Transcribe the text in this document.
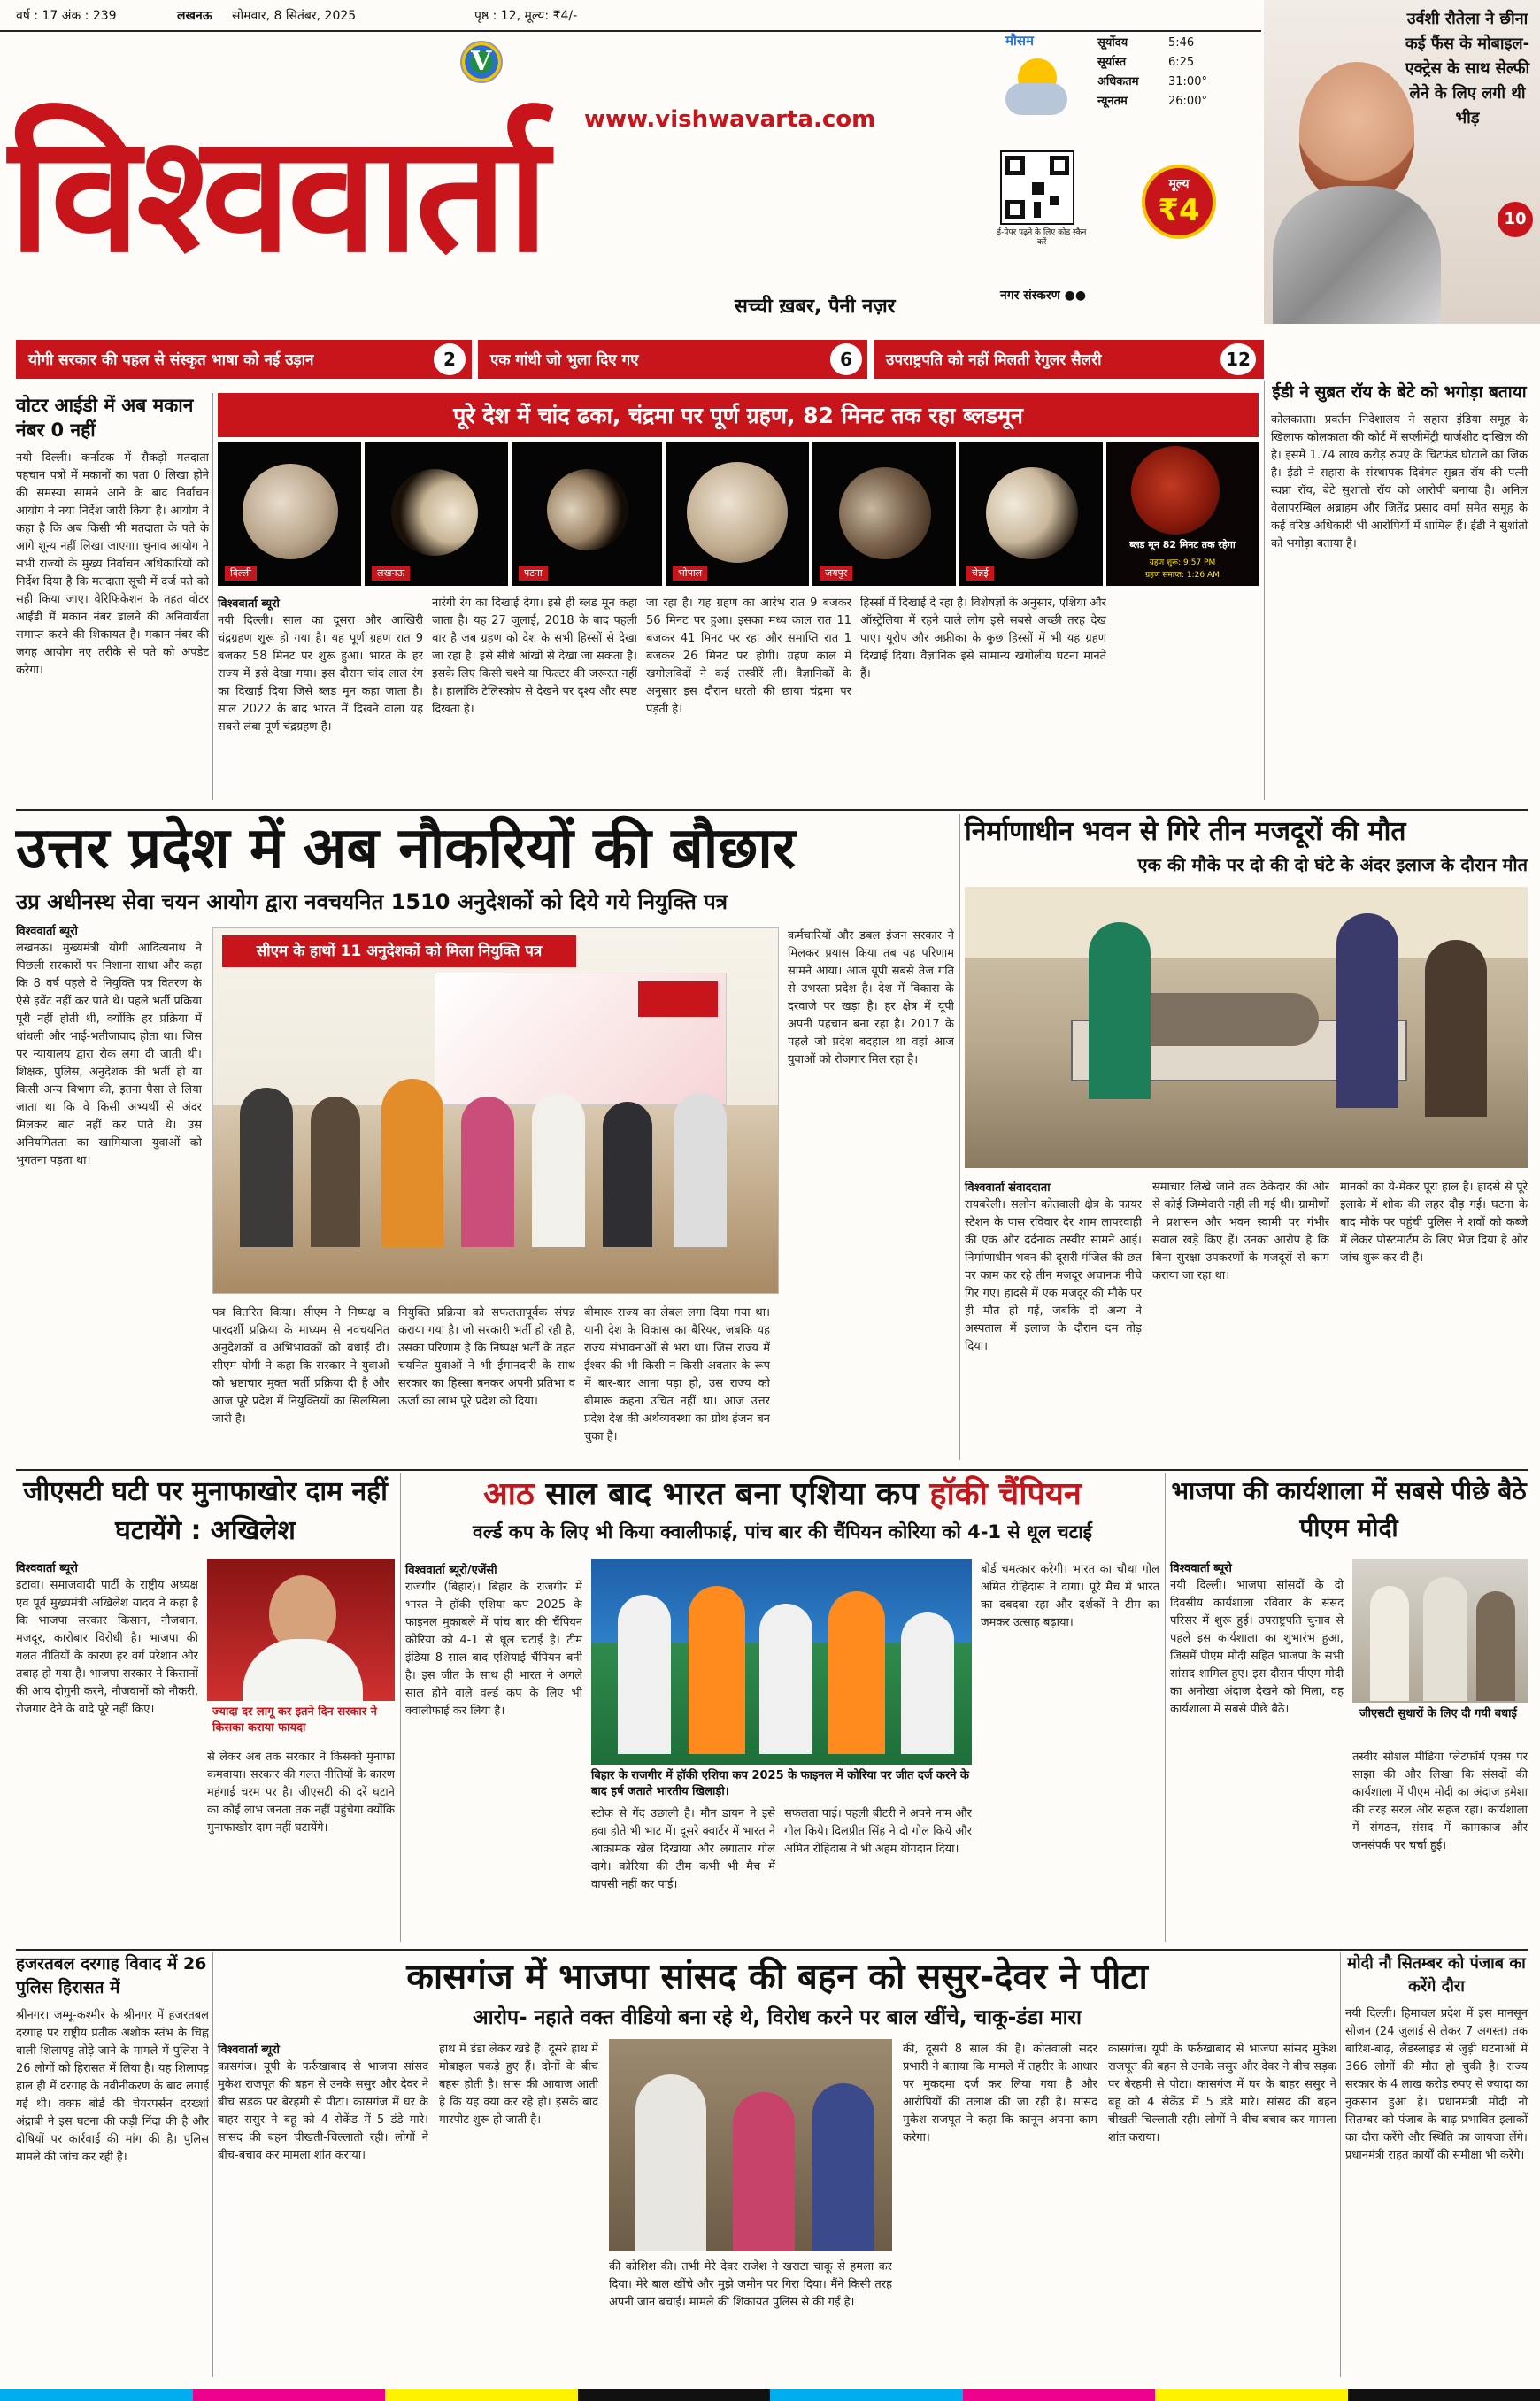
वर्ष : 17 अंक : 239	लखनऊ सोमवार, 8 सितंबर, 2025	पृष्ठ : 12, मूल्य: ₹4/-
V
www.vishwavarta.com
विश्ववार्ता
सच्ची ख़बर, पैनी नज़र	नगर संस्करण ●●
मौसम	सूर्योदय	5:46
सूर्यास्त	6:25
अधिकतम	31:00°
न्यूनतम	26:00°
ई-पेपर पढ़ने के लिए कोड स्कैन करें
मूल्य
₹4
उर्वशी रौतेला ने छीना कई फैंस के मोबाइल-एक्ट्रेस के साथ सेल्फी लेने के लिए लगी थी भीड़
10
योगी सरकार की पहल से संस्कृत भाषा को नई उड़ान	2	एक गांधी जो भुला दिए गए	6	उपराष्ट्रपति को नहीं मिलती रेगुलर सैलरी	12
वोटर आईडी में अब मकान नंबर 0 नहीं
नयी दिल्ली। कर्नाटक में सैकड़ों मतदाता पहचान पत्रों में मकानों का पता 0 लिखा होने की समस्या सामने आने के बाद निर्वाचन आयोग ने नया निर्देश जारी किया है। आयोग ने कहा है कि अब किसी भी मतदाता के पते के आगे शून्य नहीं लिखा जाएगा। चुनाव आयोग ने सभी राज्यों के मुख्य निर्वाचन अधिकारियों को निर्देश दिया है कि मतदाता सूची में दर्ज पते को सही किया जाए। वेरिफिकेशन के तहत वोटर आईडी में मकान नंबर डालने की अनिवार्यता समाप्त करने की शिकायत है। मकान नंबर की जगह आयोग नए तरीके से पते को अपडेट करेगा।
पूरे देश में चांद ढका, चंद्रमा पर पूर्ण ग्रहण, 82 मिनट तक रहा ब्लडमून
दिल्ली	लखनऊ	पटना	भोपाल	जयपुर	चेन्नई
ब्लड मून 82 मिनट तक रहेगा
ग्रहण शुरू: 9:57 PM
ग्रहण समाप्त: 1:26 AM
विश्ववार्ता ब्यूरो
नयी दिल्ली। साल का दूसरा और आखिरी चंद्रग्रहण शुरू हो गया है। यह पूर्ण ग्रहण रात 9 बजकर 58 मिनट पर शुरू हुआ। भारत के हर राज्य में इसे देखा गया। इस दौरान चांद लाल रंग का दिखाई दिया जिसे ब्लड मून कहा जाता है। साल 2022 के बाद भारत में दिखने वाला यह सबसे लंबा पूर्ण चंद्रग्रहण है।
नारंगी रंग का दिखाई देगा। इसे ही ब्लड मून कहा जाता है। यह 27 जुलाई, 2018 के बाद पहली बार है जब ग्रहण को देश के सभी हिस्सों से देखा जा रहा है। इसे सीधे आंखों से देखा जा सकता है। इसके लिए किसी चश्मे या फिल्टर की जरूरत नहीं है। हालांकि टेलिस्कोप से देखने पर दृश्य और स्पष्ट दिखता है।
जा रहा है। यह ग्रहण का आरंभ रात 9 बजकर 56 मिनट पर हुआ। इसका मध्य काल रात 11 बजकर 41 मिनट पर रहा और समाप्ति रात 1 बजकर 26 मिनट पर होगी। ग्रहण काल में खगोलविदों ने कई तस्वीरें लीं। वैज्ञानिकों के अनुसार इस दौरान धरती की छाया चंद्रमा पर पड़ती है।
हिस्सों में दिखाई दे रहा है। विशेषज्ञों के अनुसार, एशिया और ऑस्ट्रेलिया में रहने वाले लोग इसे सबसे अच्छी तरह देख पाए। यूरोप और अफ्रीका के कुछ हिस्सों में भी यह ग्रहण दिखाई दिया। वैज्ञानिक इसे सामान्य खगोलीय घटना मानते हैं।
ईडी ने सुब्रत रॉय के बेटे को भगोड़ा बताया
कोलकाता। प्रवर्तन निदेशालय ने सहारा इंडिया समूह के खिलाफ कोलकाता की कोर्ट में सप्लीमेंट्री चार्जशीट दाखिल की है। इसमें 1.74 लाख करोड़ रुपए के चिटफंड घोटाले का जिक्र है। ईडी ने सहारा के संस्थापक दिवंगत सुब्रत रॉय की पत्नी स्वप्ना रॉय, बेटे सुशांतो रॉय को आरोपी बनाया है। अनिल वेलापरम्बिल अब्राहम और जितेंद्र प्रसाद वर्मा समेत समूह के कई वरिष्ठ अधिकारी भी आरोपियों में शामिल हैं। ईडी ने सुशांतो को भगोड़ा बताया है।
उत्तर प्रदेश में अब नौकरियों की बौछार
उप्र अधीनस्थ सेवा चयन आयोग द्वारा नवचयनित 1510 अनुदेशकों को दिये गये नियुक्ति पत्र
विश्ववार्ता ब्यूरो
लखनऊ। मुख्यमंत्री योगी आदित्यनाथ ने पिछली सरकारों पर निशाना साधा और कहा कि 8 वर्ष पहले वे नियुक्ति पत्र वितरण के ऐसे इवेंट नहीं कर पाते थे। पहले भर्ती प्रक्रिया पूरी नहीं होती थी, क्योंकि हर प्रक्रिया में धांधली और भाई-भतीजावाद होता था। जिस पर न्यायालय द्वारा रोक लगा दी जाती थी। शिक्षक, पुलिस, अनुदेशक की भर्ती हो या किसी अन्य विभाग की, इतना पैसा ले लिया जाता था कि वे किसी अभ्यर्थी से अंदर मिलकर बात नहीं कर पाते थे। उस अनियमितता का खामियाजा युवाओं को भुगतना पड़ता था।
सीएम के हाथों 11 अनुदेशकों को मिला नियुक्ति पत्र
पत्र वितरित किया। सीएम ने निष्पक्ष व पारदर्शी प्रक्रिया के माध्यम से नवचयनित अनुदेशकों व अभिभावकों को बधाई दी। सीएम योगी ने कहा कि सरकार ने युवाओं को भ्रष्टाचार मुक्त भर्ती प्रक्रिया दी है और आज पूरे प्रदेश में नियुक्तियों का सिलसिला जारी है।
नियुक्ति प्रक्रिया को सफलतापूर्वक संपन्न कराया गया है। जो सरकारी भर्ती हो रही है, उसका परिणाम है कि निष्पक्ष भर्ती के तहत चयनित युवाओं ने भी ईमानदारी के साथ सरकार का हिस्सा बनकर अपनी प्रतिभा व ऊर्जा का लाभ पूरे प्रदेश को दिया।
बीमारू राज्य का लेबल लगा दिया गया था। यानी देश के विकास का बैरियर, जबकि यह राज्य संभावनाओं से भरा था। जिस राज्य में ईश्वर की भी किसी न किसी अवतार के रूप में बार-बार आना पड़ा हो, उस राज्य को बीमारू कहना उचित नहीं था। आज उत्तर प्रदेश देश की अर्थव्यवस्था का ग्रोथ इंजन बन चुका है।
कर्मचारियों और डबल इंजन सरकार ने मिलकर प्रयास किया तब यह परिणाम सामने आया। आज यूपी सबसे तेज गति से उभरता प्रदेश है। देश में विकास के दरवाजे पर खड़ा है। हर क्षेत्र में यूपी अपनी पहचान बना रहा है। 2017 के पहले जो प्रदेश बदहाल था वहां आज युवाओं को रोजगार मिल रहा है।
निर्माणाधीन भवन से गिरे तीन मजदूरों की मौत
एक की मौके पर दो की दो घंटे के अंदर इलाज के दौरान मौत
विश्ववार्ता संवाददाता
रायबरेली। सलोन कोतवाली क्षेत्र के फायर स्टेशन के पास रविवार देर शाम लापरवाही की एक और दर्दनाक तस्वीर सामने आई। निर्माणाधीन भवन की दूसरी मंजिल की छत पर काम कर रहे तीन मजदूर अचानक नीचे गिर गए। हादसे में एक मजदूर की मौके पर ही मौत हो गई, जबकि दो अन्य ने अस्पताल में इलाज के दौरान दम तोड़ दिया।
समाचार लिखे जाने तक ठेकेदार की ओर से कोई जिम्मेदारी नहीं ली गई थी। ग्रामीणों ने प्रशासन और भवन स्वामी पर गंभीर सवाल खड़े किए हैं। उनका आरोप है कि बिना सुरक्षा उपकरणों के मजदूरों से काम कराया जा रहा था।
मानकों का ये-मेकर पूरा हाल है। हादसे से पूरे इलाके में शोक की लहर दौड़ गई। घटना के बाद मौके पर पहुंची पुलिस ने शवों को कब्जे में लेकर पोस्टमार्टम के लिए भेज दिया है और जांच शुरू कर दी है।
जीएसटी घटी पर मुनाफाखोर दाम नहीं घटायेंगे : अखिलेश
विश्ववार्ता ब्यूरो
इटावा। समाजवादी पार्टी के राष्ट्रीय अध्यक्ष एवं पूर्व मुख्यमंत्री अखिलेश यादव ने कहा है कि भाजपा सरकार किसान, नौजवान, मजदूर, कारोबार विरोधी है। भाजपा की गलत नीतियों के कारण हर वर्ग परेशान और तबाह हो गया है। भाजपा सरकार ने किसानों की आय दोगुनी करने, नौजवानों को नौकरी, रोजगार देने के वादे पूरे नहीं किए।	ज्यादा दर लागू कर इतने दिन सरकार ने किसका कराया फायदा
से लेकर अब तक सरकार ने किसको मुनाफा कमवाया। सरकार की गलत नीतियों के कारण महंगाई चरम पर है। जीएसटी की दरें घटाने का कोई लाभ जनता तक नहीं पहुंचेगा क्योंकि मुनाफाखोर दाम नहीं घटायेंगे।
आठ साल बाद भारत बना एशिया कप हॉकी चैंपियन
वर्ल्ड कप के लिए भी किया क्वालीफाई, पांच बार की चैंपियन कोरिया को 4-1 से धूल चटाई
विश्ववार्ता ब्यूरो/एजेंसी
राजगीर (बिहार)। बिहार के राजगीर में भारत ने हॉकी एशिया कप 2025 के फाइनल मुकाबले में पांच बार की चैंपियन कोरिया को 4-1 से धूल चटाई है। टीम इंडिया 8 साल बाद एशियाई चैंपियन बनी है। इस जीत के साथ ही भारत ने अगले साल होने वाले वर्ल्ड कप के लिए भी क्वालीफाई कर लिया है।
बिहार के राजगीर में हॉकी एशिया कप 2025 के फाइनल में कोरिया पर जीत दर्ज करने के बाद हर्ष जताते भारतीय खिलाड़ी।
स्टोक से गेंद उछाली है। मौन डायन ने इसे हवा होते भी भाट में। दूसरे क्वार्टर में भारत ने आक्रामक खेल दिखाया और लगातार गोल दागे। कोरिया की टीम कभी भी मैच में वापसी नहीं कर पाई।
सफलता पाई। पहली बीटरी ने अपने नाम और गोल किये। दिलप्रीत सिंह ने दो गोल किये और अमित रोहिदास ने भी अहम योगदान दिया।
बोर्ड चमत्कार करेगी। भारत का चौथा गोल अमित रोहिदास ने दागा। पूरे मैच में भारत का दबदबा रहा और दर्शकों ने टीम का जमकर उत्साह बढ़ाया।
भाजपा की कार्यशाला में सबसे पीछे बैठे पीएम मोदी
विश्ववार्ता ब्यूरो
नयी दिल्ली। भाजपा सांसदों के दो दिवसीय कार्यशाला रविवार के संसद परिसर में शुरू हुई। उपराष्ट्रपति चुनाव से पहले इस कार्यशाला का शुभारंभ हुआ, जिसमें पीएम मोदी सहित भाजपा के सभी सांसद शामिल हुए। इस दौरान पीएम मोदी का अनोखा अंदाज देखने को मिला, वह कार्यशाला में सबसे पीछे बैठे।	जीएसटी सुधारों के लिए दी गयी बधाई
तस्वीर सोशल मीडिया प्लेटफॉर्म एक्स पर साझा की और लिखा कि संसदों की कार्यशाला में पीएम मोदी का अंदाज हमेशा की तरह सरल और सहज रहा। कार्यशाला में संगठन, संसद में कामकाज और जनसंपर्क पर चर्चा हुई।
हजरतबल दरगाह विवाद में 26 पुलिस हिरासत में
श्रीनगर। जम्मू-कश्मीर के श्रीनगर में हजरतबल दरगाह पर राष्ट्रीय प्रतीक अशोक स्तंभ के चिह्न वाली शिलापट्ट तोड़े जाने के मामले में पुलिस ने 26 लोगों को हिरासत में लिया है। यह शिलापट्ट हाल ही में दरगाह के नवीनीकरण के बाद लगाई गई थी। वक्फ बोर्ड की चेयरपर्सन दरख्शां अंद्राबी ने इस घटना की कड़ी निंदा की है और दोषियों पर कार्रवाई की मांग की है। पुलिस मामले की जांच कर रही है।
कासगंज में भाजपा सांसद की बहन को ससुर-देवर ने पीटा
आरोप- नहाते वक्त वीडियो बना रहे थे, विरोध करने पर बाल खींचे, चाकू-डंडा मारा
विश्ववार्ता ब्यूरो
कासगंज। यूपी के फर्रुखाबाद से भाजपा सांसद मुकेश राजपूत की बहन से उनके ससुर और देवर ने बीच सड़क पर बेरहमी से पीटा। कासगंज में घर के बाहर ससुर ने बहू को 4 सेकेंड में 5 डंडे मारे। सांसद की बहन चीखती-चिल्लाती रही। लोगों ने बीच-बचाव कर मामला शांत कराया।
हाथ में डंडा लेकर खड़े हैं। दूसरे हाथ में मोबाइल पकड़े हुए हैं। दोनों के बीच बहस होती है। सास की आवाज आती है कि यह क्या कर रहे हो। इसके बाद मारपीट शुरू हो जाती है।
की कोशिश की। तभी मेरे देवर राजेश ने खराटा चाकू से हमला कर दिया। मेरे बाल खींचे और मुझे जमीन पर गिरा दिया। मैंने किसी तरह अपनी जान बचाई। मामले की शिकायत पुलिस से की गई है।
की, दूसरी 8 साल की है। कोतवाली सदर प्रभारी ने बताया कि मामले में तहरीर के आधार पर मुकदमा दर्ज कर लिया गया है और आरोपियों की तलाश की जा रही है। सांसद मुकेश राजपूत ने कहा कि कानून अपना काम करेगा।
कासगंज। यूपी के फर्रुखाबाद से भाजपा सांसद मुकेश राजपूत की बहन से उनके ससुर और देवर ने बीच सड़क पर बेरहमी से पीटा। कासगंज में घर के बाहर ससुर ने बहू को 4 सेकेंड में 5 डंडे मारे। सांसद की बहन चीखती-चिल्लाती रही। लोगों ने बीच-बचाव कर मामला शांत कराया।
मोदी नौ सितम्बर को पंजाब का करेंगे दौरा
नयी दिल्ली। हिमाचल प्रदेश में इस मानसून सीजन (24 जुलाई से लेकर 7 अगस्त) तक बारिश-बाढ़, लैंडस्लाइड से जुड़ी घटनाओं में 366 लोगों की मौत हो चुकी है। राज्य सरकार के 4 लाख करोड़ रुपए से ज्यादा का नुकसान हुआ है। प्रधानमंत्री मोदी नौ सितम्बर को पंजाब के बाढ़ प्रभावित इलाकों का दौरा करेंगे और स्थिति का जायजा लेंगे। प्रधानमंत्री राहत कार्यों की समीक्षा भी करेंगे।
